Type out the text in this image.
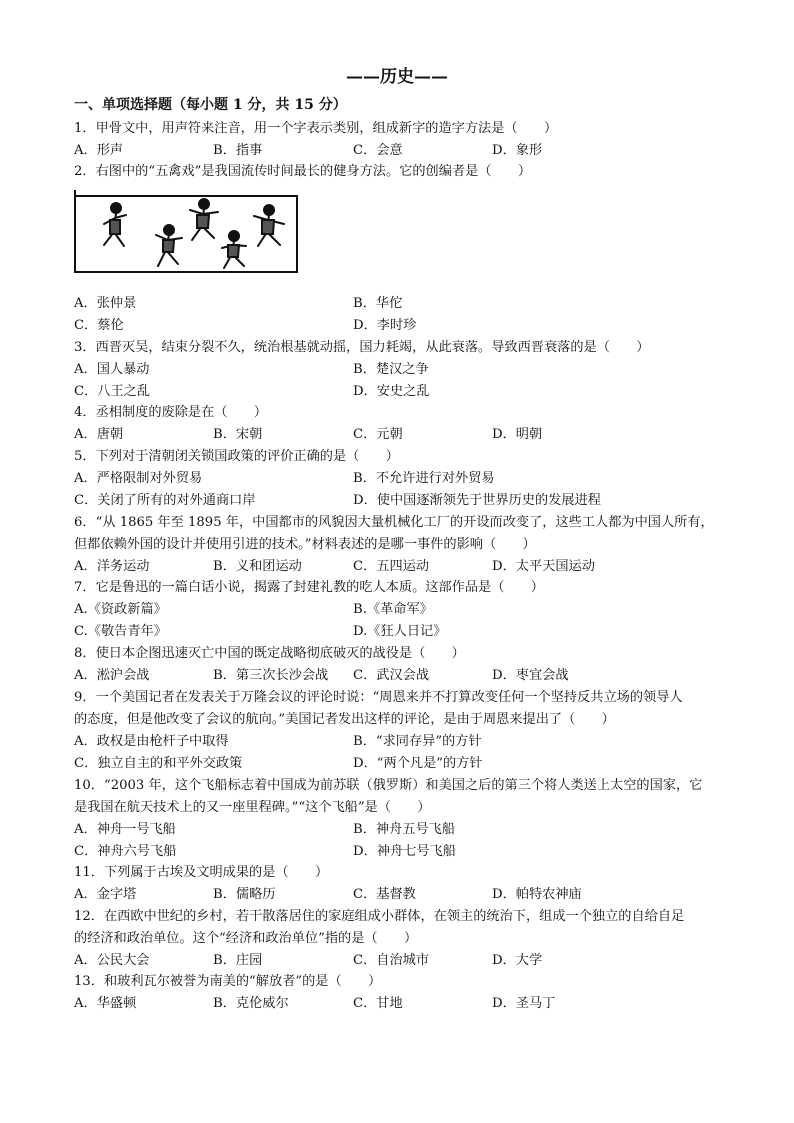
——历史——
一、单项选择题（每小题 1 分，共 15 分）
1．甲骨文中，用声符来注音，用一个字表示类别，组成新字的造字方法是（　　）
A．形声	B．指事	C．会意	D．象形
2．右图中的“五禽戏”是我国流传时间最长的健身方法。它的创编者是（　　）
A．张仲景	B．华佗
C．蔡伦	D．李时珍
3．西晋灭吴，结束分裂不久，统治根基就动摇，国力耗竭，从此衰落。导致西晋衰落的是（　　）
A．国人暴动	B．楚汉之争
C．八王之乱	D．安史之乱
4．丞相制度的废除是在（　　）
A．唐朝	B．宋朝	C．元朝	D．明朝
5．下列对于清朝闭关锁国政策的评价正确的是（　　）
A．严格限制对外贸易	B．不允许进行对外贸易
C．关闭了所有的对外通商口岸	D．使中国逐渐领先于世界历史的发展进程
6．“从 1865 年至 1895 年，中国都市的风貌因大量机械化工厂的开设而改变了，这些工人都为中国人所有，
但都依赖外国的设计并使用引进的技术。”材料表述的是哪一事件的影响（　　）
A．洋务运动	B．义和团运动	C．五四运动	D．太平天国运动
7．它是鲁迅的一篇白话小说，揭露了封建礼教的吃人本质。这部作品是（　　）
A.《资政新篇》	B.《革命军》
C.《敬告青年》	D.《狂人日记》
8．使日本企图迅速灭亡中国的既定战略彻底破灭的战役是（　　）
A．淞沪会战	B．第三次长沙会战 C．武汉会战	D．枣宜会战
9．一个美国记者在发表关于万隆会议的评论时说：“周恩来并不打算改变任何一个坚持反共立场的领导人
的态度，但是他改变了会议的航向。”美国记者发出这样的评论，是由于周恩来提出了（　　）
A．政权是由枪杆子中取得	B．“求同存异”的方针
C．独立自主的和平外交政策	D．“两个凡是”的方针
10．“2003 年，这个飞船标志着中国成为前苏联（俄罗斯）和美国之后的第三个将人类送上太空的国家，它
是我国在航天技术上的又一座里程碑。”“这个飞船”是（　　）
A．神舟一号飞船	B．神舟五号飞船
C．神舟六号飞船	D．神舟七号飞船
11．下列属于古埃及文明成果的是（　　）
A．金字塔	B．儒略历	C．基督教	D．帕特农神庙
12．在西欧中世纪的乡村，若干散落居住的家庭组成小群体，在领主的统治下，组成一个独立的自给自足
的经济和政治单位。这个“经济和政治单位”指的是（　　）
A．公民大会	B．庄园	C．自治城市	D．大学
13．和玻利瓦尔被誉为南美的“解放者”的是（　　）
A．华盛顿	B．克伦威尔	C．甘地	D．圣马丁
